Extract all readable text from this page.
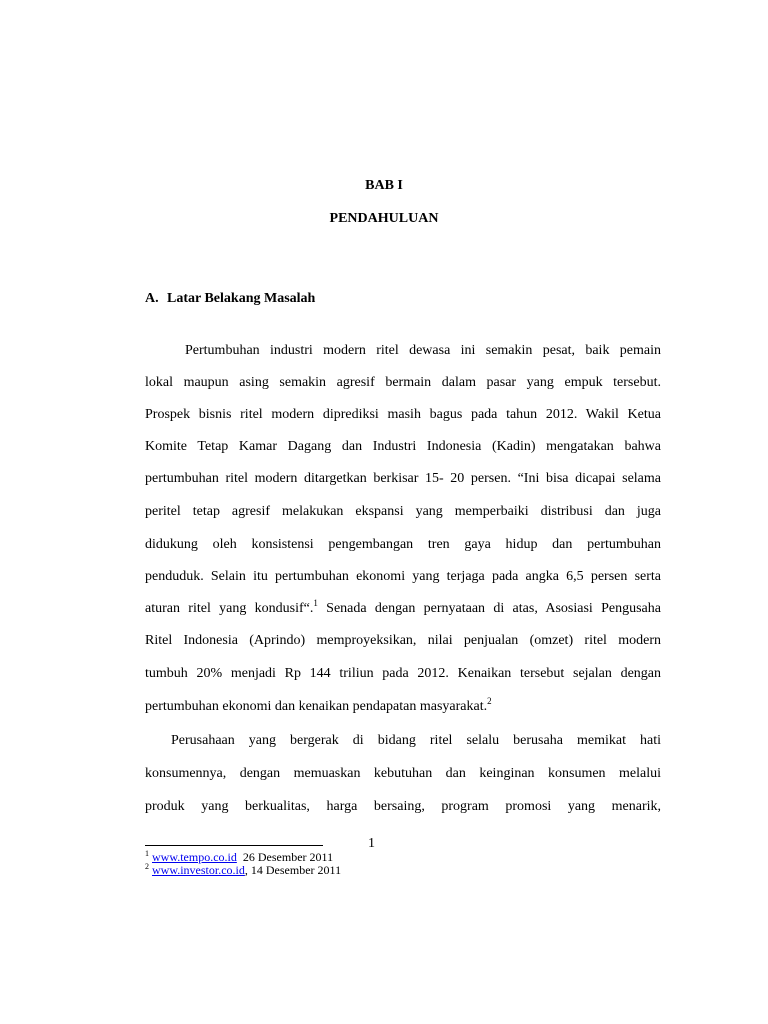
BAB I
PENDAHULUAN
A. Latar Belakang Masalah
Pertumbuhan industri modern ritel dewasa ini semakin pesat, baik pemain
lokal maupun asing semakin agresif bermain dalam pasar yang empuk tersebut.
Prospek bisnis ritel modern diprediksi masih bagus pada tahun 2012. Wakil Ketua
Komite Tetap Kamar Dagang dan Industri Indonesia (Kadin) mengatakan bahwa
pertumbuhan ritel modern ditargetkan berkisar 15- 20 persen. “Ini bisa dicapai selama
peritel tetap agresif melakukan ekspansi yang memperbaiki distribusi dan juga
didukung oleh konsistensi pengembangan tren gaya hidup dan pertumbuhan
penduduk. Selain itu pertumbuhan ekonomi yang terjaga pada angka 6,5 persen serta
aturan ritel yang kondusif“.$^1$ Senada dengan pernyataan di atas, Asosiasi Pengusaha
Ritel Indonesia (Aprindo) memproyeksikan, nilai penjualan (omzet) ritel modern
tumbuh 20% menjadi Rp 144 triliun pada 2012. Kenaikan tersebut sejalan dengan
pertumbuhan ekonomi dan kenaikan pendapatan masyarakat.$^2$
Perusahaan yang bergerak di bidang ritel selalu berusaha memikat hati
konsumennya, dengan memuaskan kebutuhan dan keinginan konsumen melalui
produk yang berkualitas, harga bersaing, program promosi yang menarik,
1
$^1$ www.tempo.co.id  26 Desember 2011
$^2$ www.investor.co.id, 14 Desember 2011
